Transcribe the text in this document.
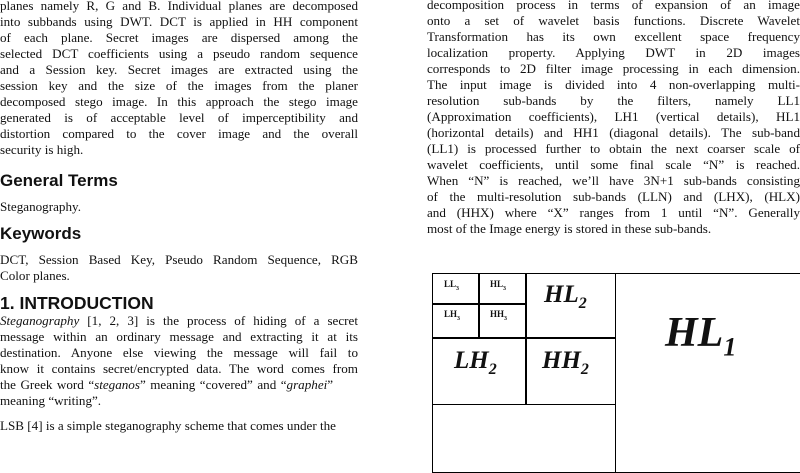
planes namely R, G and B. Individual planes are decomposed
into subbands using DWT. DCT is applied in HH component
of each plane. Secret images are dispersed among the
selected DCT coefficients using a pseudo random sequence
and a Session key. Secret images are extracted using the
session key and the size of the images from the planer
decomposed stego image. In this approach the stego image
generated is of acceptable level of imperceptibility and
distortion compared to the cover image and the overall
security is high.
General Terms
Steganography.
Keywords
DCT, Session Based Key, Pseudo Random Sequence, RGB
Color planes.
1. INTRODUCTION
Steganography [1, 2, 3] is the process of hiding of a secret
message within an ordinary message and extracting it at its
destination. Anyone else viewing the message will fail to
know it contains secret/encrypted data. The word comes from
the Greek word “steganos” meaning “covered” and “graphei”
meaning “writing”.
LSB [4] is a simple steganography scheme that comes under the
decomposition process in terms of expansion of an image
onto a set of wavelet basis functions. Discrete Wavelet
Transformation has its own excellent space frequency
localization property. Applying DWT in 2D images
corresponds to 2D filter image processing in each dimension.
The input image is divided into 4 non-overlapping multi-
resolution sub-bands by the filters, namely LL1
(Approximation coefficients), LH1 (vertical details), HL1
(horizontal details) and HH1 (diagonal details). The sub-band
(LL1) is processed further to obtain the next coarser scale of
wavelet coefficients, until some final scale “N” is reached.
When “N” is reached, we’ll have 3N+1 sub-bands consisting
of the multi-resolution sub-bands (LLN) and (LHX), (HLX)
and (HHX) where “X” ranges from 1 until “N”. Generally
most of the Image energy is stored in these sub-bands.
$LL_3$	$HL_3$
$LH_3$	$HH_3$
$HL_2$
$LH_2$ $HH_2$
$HL_1$
